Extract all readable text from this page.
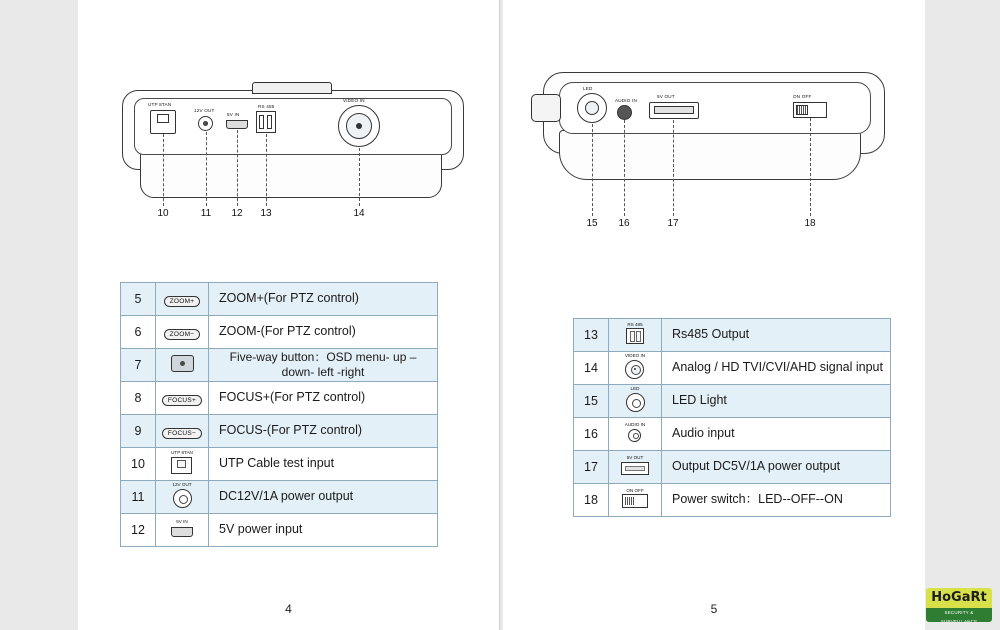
UTP 8TAN
12V OUT
5V IN
RS 485
VIDEO IN
10	11 12 13	14
5	ZOOM+	ZOOM+(For PTZ control)
6	ZOOM−	ZOOM-(For PTZ control)
7		Five-way button：OSD menu- up – down- left -right
8	FOCUS+	FOCUS+(For PTZ control)
9	FOCUS−	FOCUS-(For PTZ control)
10	UTP 8TAN	UTP Cable test input
11	12V OUT	DC12V/1A power output
12	5V IN	5V power input
4
LED
AUDIO IN
5V OUT	ON OFF
15 16	17	18
13	RS 485	Rs485 Output
14	VIDEO IN	Analog / HD TVI/CVI/AHD signal input
15	LED	LED Light
16	AUDIO IN	Audio input
17	5V OUT	Output DC5V/1A power output
18	ON OFF	Power switch：LED--OFF--ON
5
HoGaRt
SECURITY & SURVEILLANCE
